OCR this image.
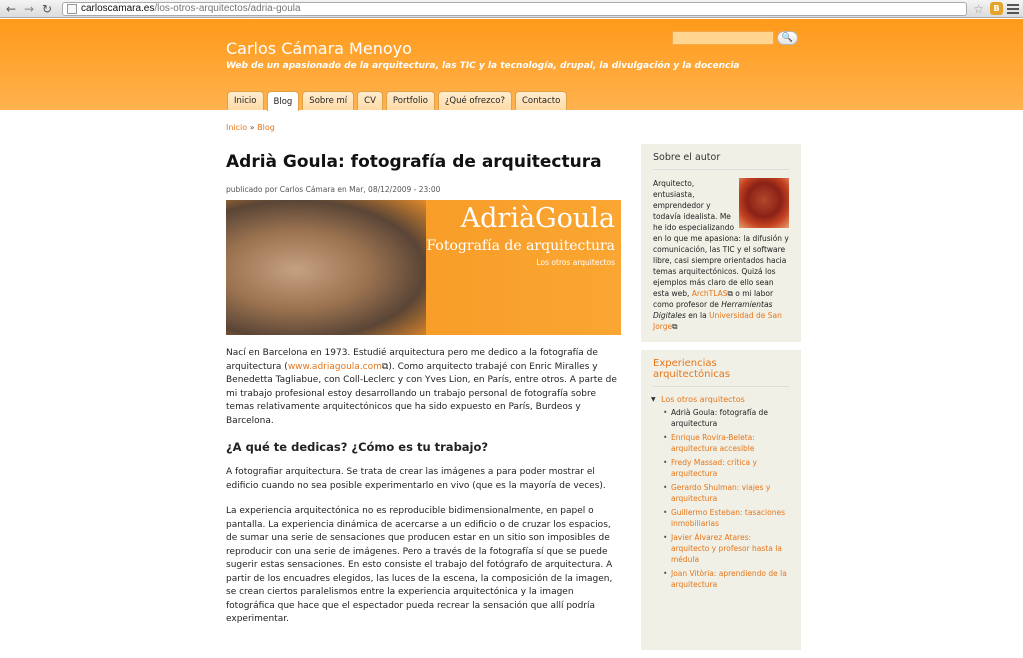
← → ↻	carloscamara.es /los-otros-arquitectos/adria-goula	☆	B
Carlos Cámara Menoyo
Web de un apasionado de la arquitectura, las TIC y la tecnología, drupal, la divulgación y la docencia
🔍
Inicio	Blog	Sobre mí	CV	Portfolio	¿Qué ofrezco?	Contacto
Inicio » Blog
Adrià Goula: fotografía de arquitectura
publicado por Carlos Cámara en Mar, 08/12/2009 - 23:00
AdriàGoula
Fotografía de arquitectura
Los otros arquitectos

Nací en Barcelona en 1973. Estudié arquitectura pero me dedico a la fotografía de arquitectura (www.adriagoula.com⧉). Como arquitecto trabajé con Enric Miralles y Benedetta Tagliabue, con Coll-Leclerc y con Yves Lion, en París, entre otros. A parte de mi trabajo profesional estoy desarrollando un trabajo personal de fotografía sobre temas relativamente arquitectónicos que ha sido expuesto en París, Burdeos y Barcelona.

¿A qué te dedicas? ¿Cómo es tu trabajo?

A fotografiar arquitectura. Se trata de crear las imágenes a para poder mostrar el edificio cuando no sea posible experimentarlo en vivo (que es la mayoría de veces).

La experiencia arquitectónica no es reproducible bidimensionalmente, en papel o pantalla. La experiencia dinámica de acercarse a un edificio o de cruzar los espacios, de sumar una serie de sensaciones que producen estar en un sitio son imposibles de reproducir con una serie de imágenes. Pero a través de la fotografía sí que se puede sugerir estas sensaciones. En esto consiste el trabajo del fotógrafo de arquitectura. A partir de los encuadres elegidos, las luces de la escena, la composición de la imagen, se crean ciertos paralelismos entre la experiencia arquitectónica y la imagen fotográfica que hace que el espectador pueda recrear la sensación que allí podría experimentar.

Sobre el autor
Arquitecto, entusiasta, emprendedor y todavía idealista. Me he ido especializando en lo que me apasiona: la difusión y comunicación, las TIC y el software libre, casi siempre orientados hacia temas arquitectónicos. Quizá los ejemplos más claro de ello sean esta web, ArchTLAS⧉ o mi labor como profesor de Herramientas Digitales en la Universidad de San Jorge⧉
Experiencias arquitectónicas
▼ Los otros arquitectos
• Adrià Goula: fotografía de arquitectura
• Enrique Rovira-Beleta: arquitectura accesible
• Fredy Massad: crítica y arquitectura
• Gerardo Shulman: viajes y arquitectura
• Guillermo Esteban: tasaciones inmobiliarias
• Javier Álvarez Atares: arquitecto y profesor hasta la médula
• Joan Vitòria: aprendiendo de la arquitectura
